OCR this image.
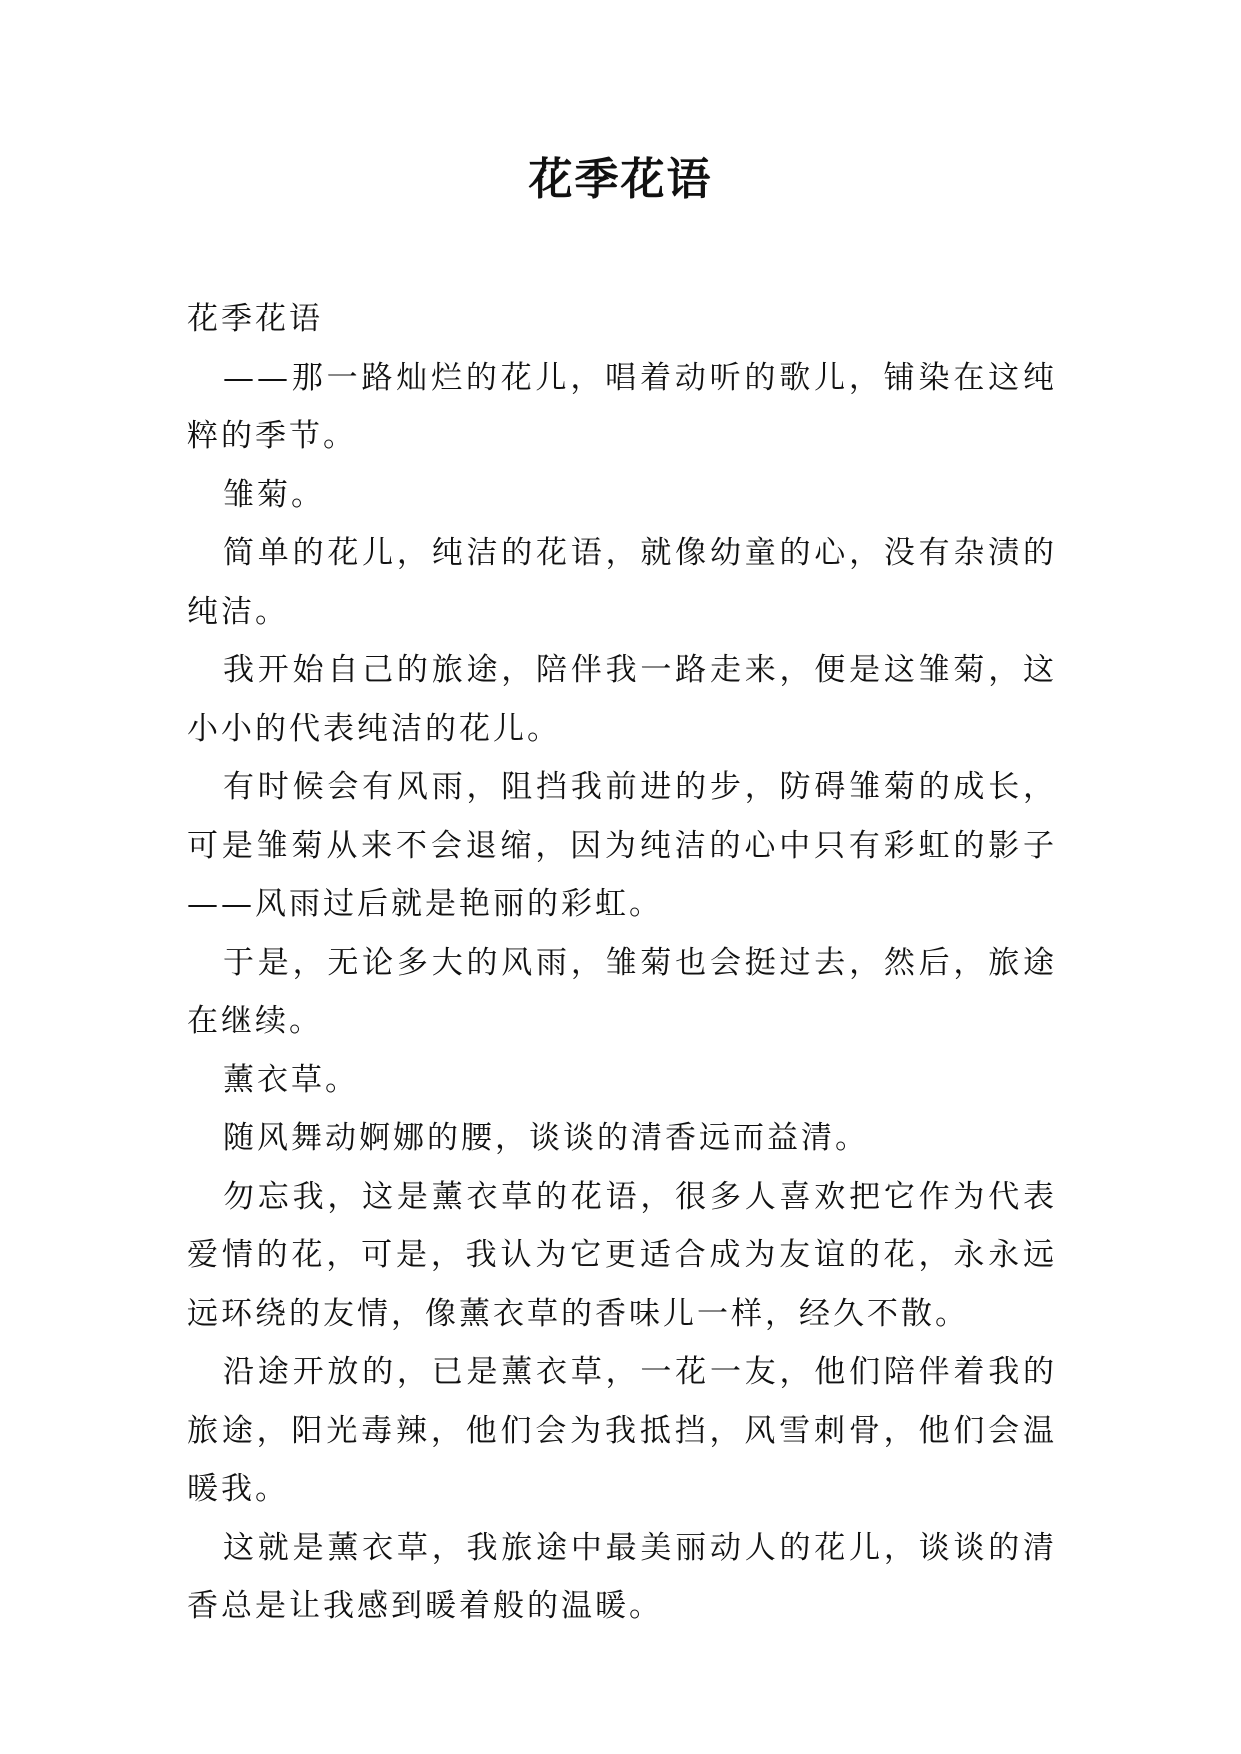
花季花语

花季花语

——那一路灿烂的花儿，唱着动听的歌儿，铺染在这纯粹的季节。

雏菊。

简单的花儿，纯洁的花语，就像幼童的心，没有杂渍的纯洁。

我开始自己的旅途，陪伴我一路走来，便是这雏菊，这小小的代表纯洁的花儿。

有时候会有风雨，阻挡我前进的步，防碍雏菊的成长，可是雏菊从来不会退缩，因为纯洁的心中只有彩虹的影子——风雨过后就是艳丽的彩虹。

于是，无论多大的风雨，雏菊也会挺过去，然后，旅途在继续。

薰衣草。

随风舞动婀娜的腰，谈谈的清香远而益清。

勿忘我，这是薰衣草的花语，很多人喜欢把它作为代表爱情的花，可是，我认为它更适合成为友谊的花，永永远远环绕的友情，像薰衣草的香味儿一样，经久不散。

沿途开放的，已是薰衣草，一花一友，他们陪伴着我的旅途，阳光毒辣，他们会为我抵挡，风雪刺骨，他们会温暖我。

这就是薰衣草，我旅途中最美丽动人的花儿，谈谈的清香总是让我感到暖着般的温暖。
